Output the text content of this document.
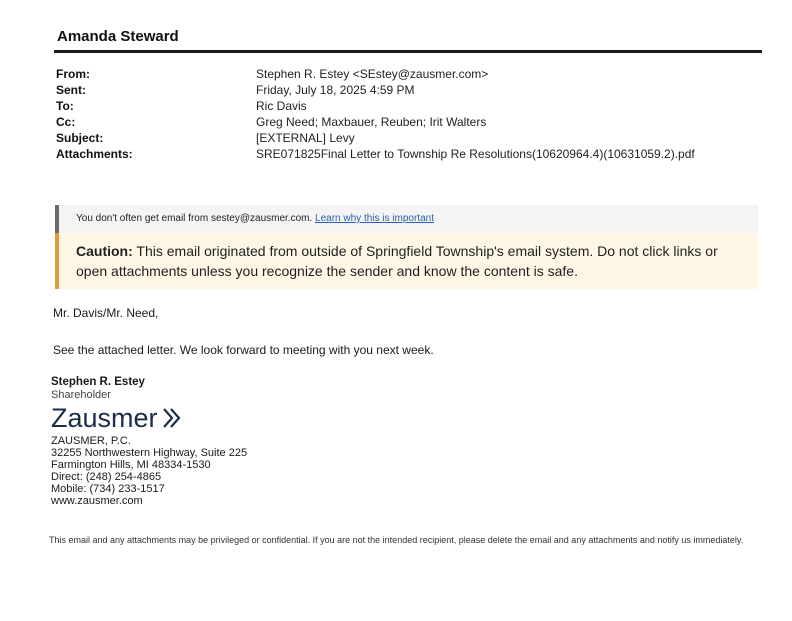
Amanda Steward
From:	Stephen R. Estey <SEstey@zausmer.com>
Sent:	Friday, July 18, 2025 4:59 PM
To:	Ric Davis
Cc:	Greg Need; Maxbauer, Reuben; Irit Walters
Subject:	[EXTERNAL] Levy
Attachments:	SRE071825Final Letter to Township Re Resolutions(10620964.4)(10631059.2).pdf
You don't often get email from sestey@zausmer.com. Learn why this is important
Caution: This email originated from outside of Springfield Township's email system. Do not click links or open attachments unless you recognize the sender and know the content is safe.
Mr. Davis/Mr. Need,
See the attached letter. We look forward to meeting with you next week.
Stephen R. Estey
Shareholder
Zausmer
ZAUSMER, P.C.
32255 Northwestern Highway, Suite 225
Farmington Hills, MI 48334-1530
Direct: (248) 254-4865
Mobile: (734) 233-1517
www.zausmer.com
This email and any attachments may be privileged or confidential. If you are not the intended recipient, please delete the email and any attachments and notify us immediately.
